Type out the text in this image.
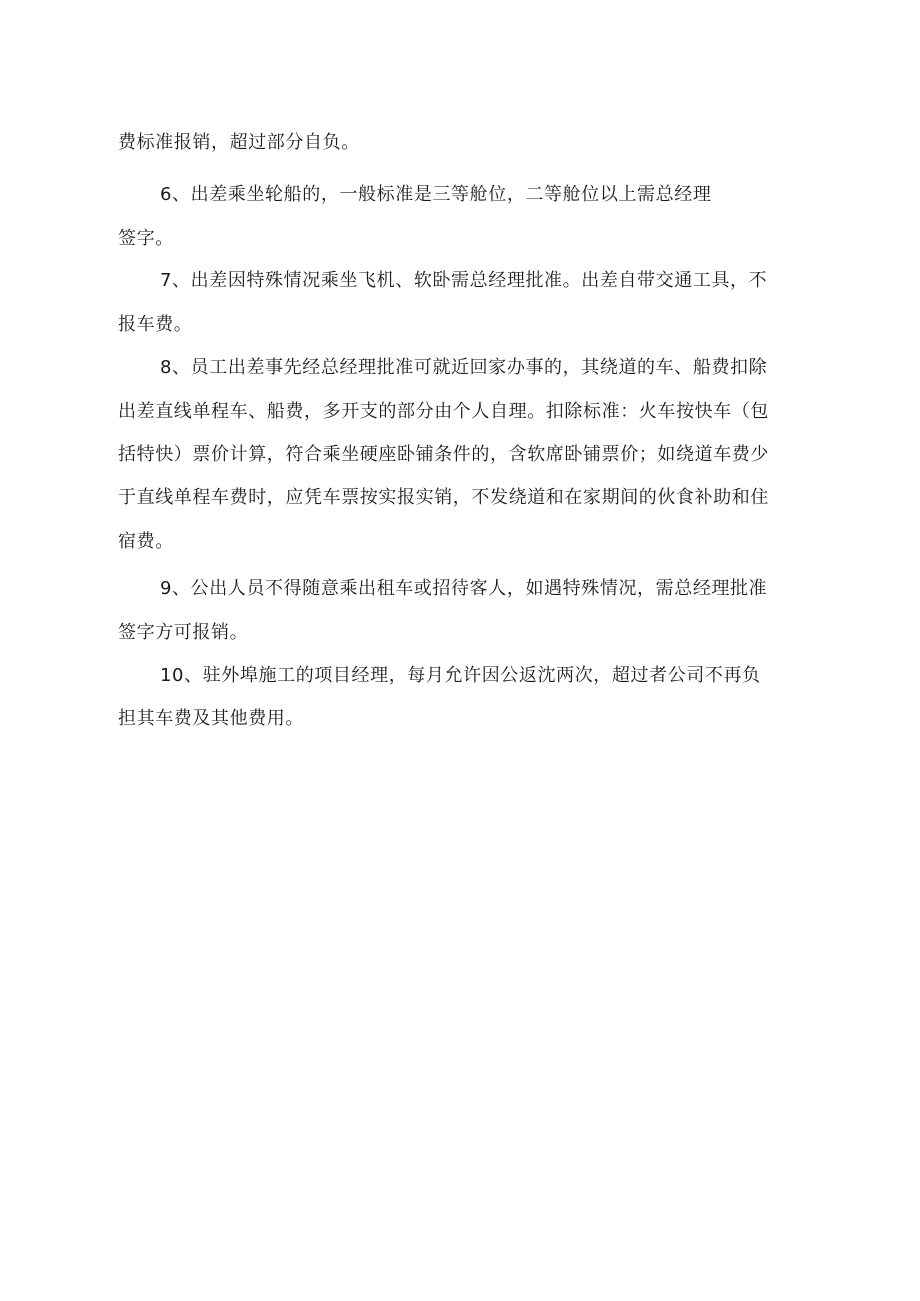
费标准报销，超过部分自负。
6、出差乘坐轮船的，一般标准是三等舱位，二等舱位以上需总经理
签字。
7、出差因特殊情况乘坐飞机、软卧需总经理批准。出差自带交通工具，不
报车费。
8、员工出差事先经总经理批准可就近回家办事的，其绕道的车、船费扣除
出差直线单程车、船费，多开支的部分由个人自理。扣除标准：火车按快车（包
括特快）票价计算，符合乘坐硬座卧铺条件的，含软席卧铺票价；如绕道车费少
于直线单程车费时，应凭车票按实报实销，不发绕道和在家期间的伙食补助和住
宿费。
9、公出人员不得随意乘出租车或招待客人，如遇特殊情况，需总经理批准
签字方可报销。
10、驻外埠施工的项目经理，每月允许因公返沈两次，超过者公司不再负
担其车费及其他费用。
